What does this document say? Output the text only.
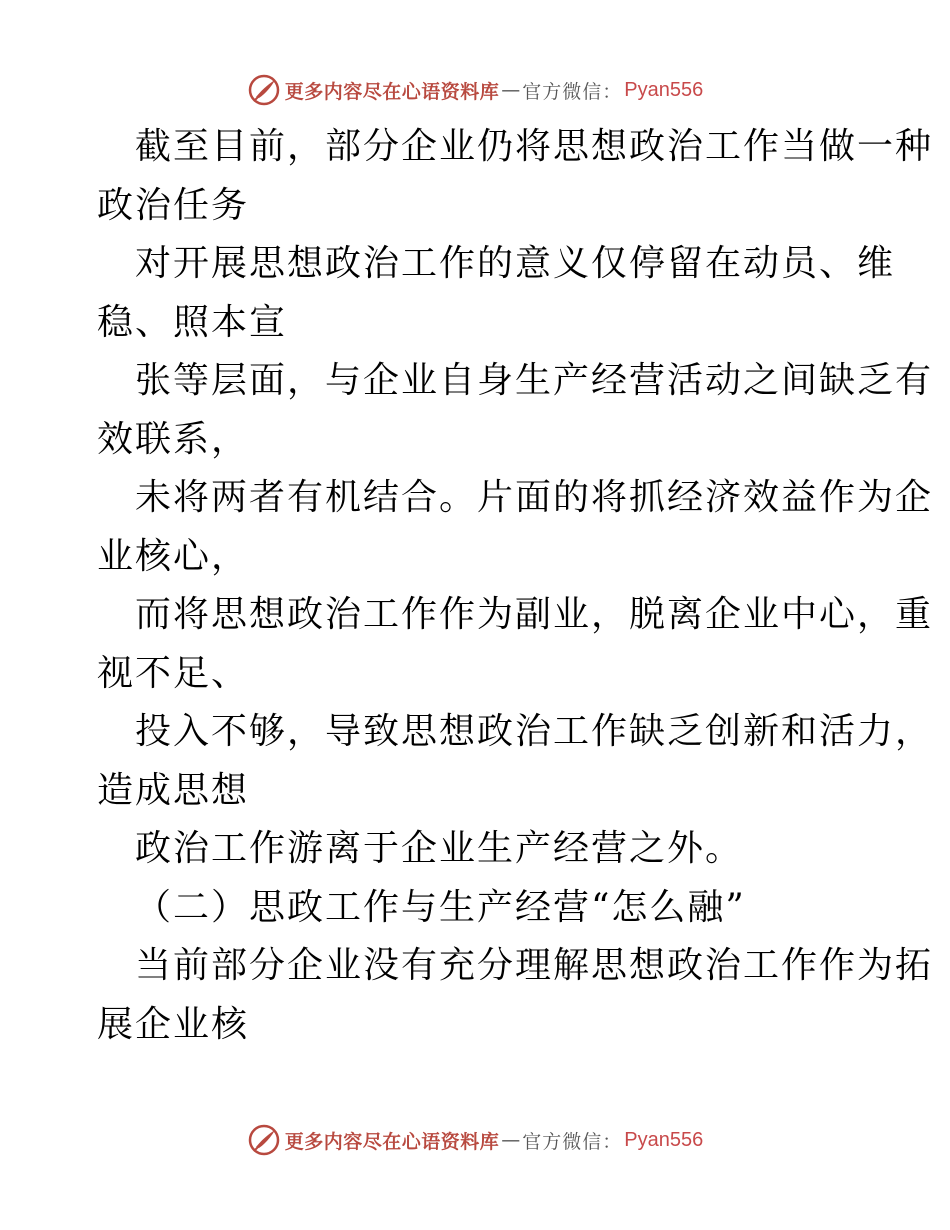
更多内容尽在心语资料库 — 官方微信： Pyan556
截至目前，部分企业仍将思想政治工作当做一种
政治任务
对开展思想政治工作的意义仅停留在动员、维
稳、照本宣
张等层面，与企业自身生产经营活动之间缺乏有
效联系，
未将两者有机结合。片面的将抓经济效益作为企
业核心，
而将思想政治工作作为副业，脱离企业中心，重
视不足、
投入不够，导致思想政治工作缺乏创新和活力，
造成思想
政治工作游离于企业生产经营之外。
（二）思政工作与生产经营“怎么融”
当前部分企业没有充分理解思想政治工作作为拓
展企业核
更多内容尽在心语资料库 — 官方微信： Pyan556
